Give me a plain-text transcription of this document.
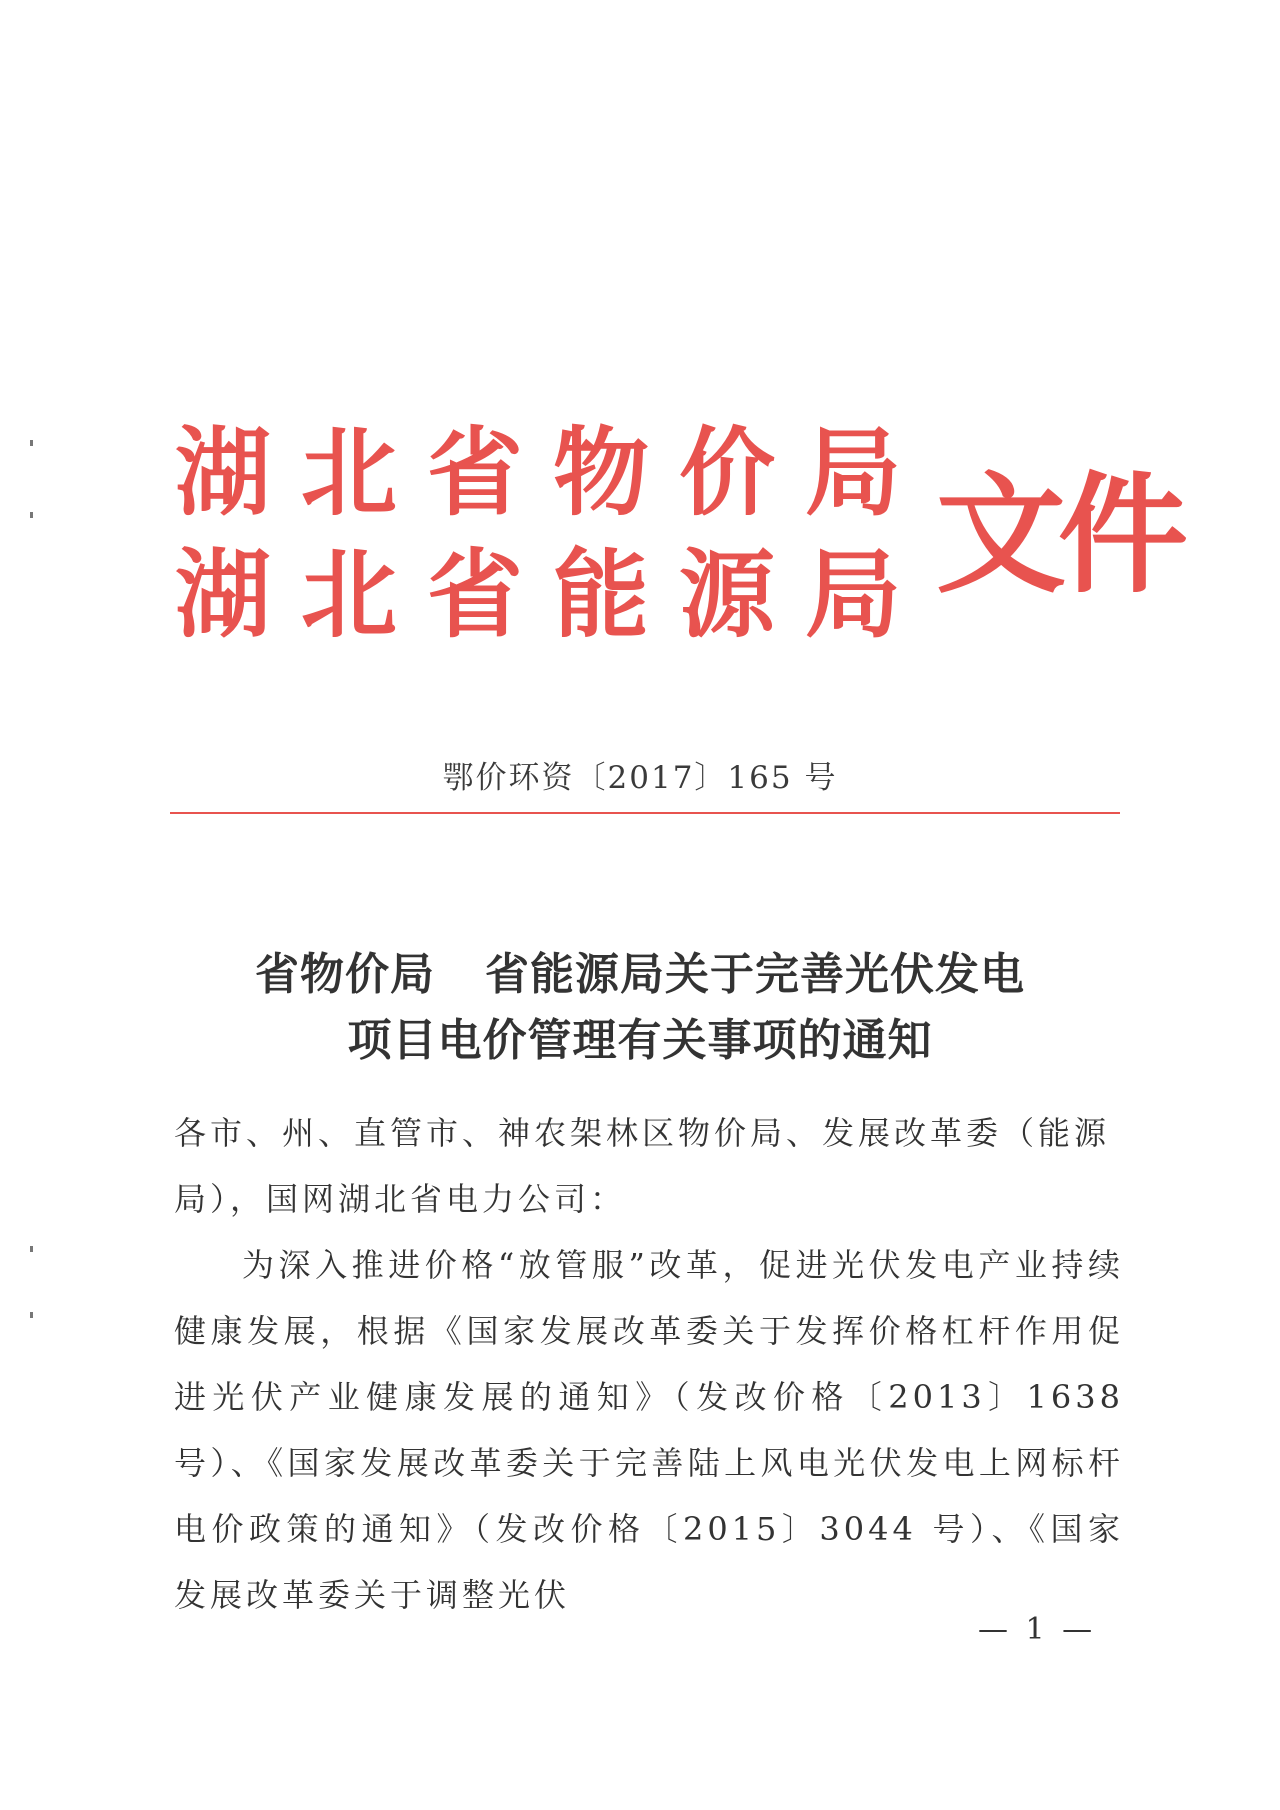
湖 北 省 物 价 局
湖 北 省 能 源 局 文件
鄂价环资〔2017〕165 号
省物价局 省能源局关于完善光伏发电
项目电价管理有关事项的通知
各市、州、直管市、神农架林区物价局、发展改革委（能源局），国网湖北省电力公司：
为深入推进价格“放管服”改革，促进光伏发电产业持续健康发展，根据《国家发展改革委关于发挥价格杠杆作用促进光伏产业健康发展的通知》（发改价格〔2013〕1638 号）、《国家发展改革委关于完善陆上风电光伏发电上网标杆电价政策的通知》（发改价格〔2015〕3044 号）、《国家发展改革委关于调整光伏
— 1 —
